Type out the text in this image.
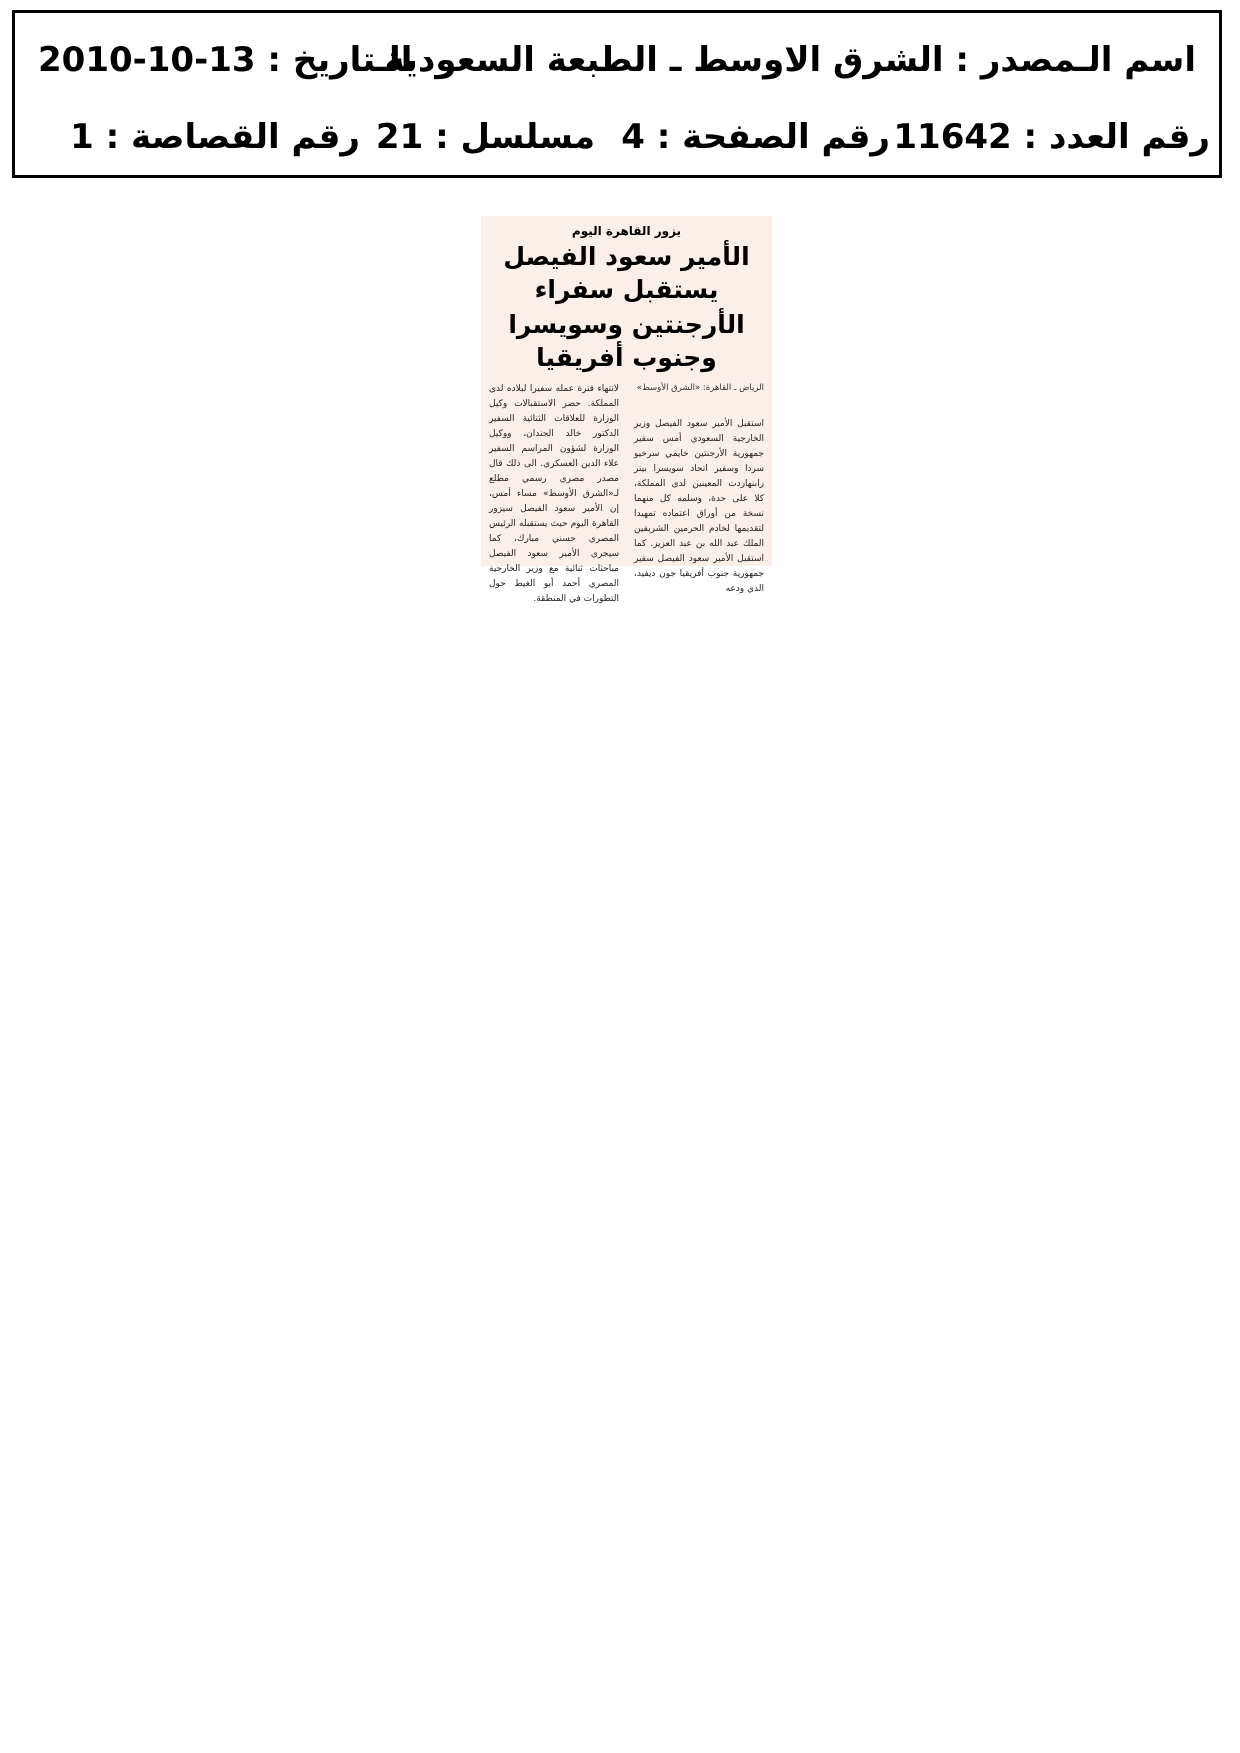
اسم الـمصدر : الشرق الاوسط ـ الطبعة السعودية
الـتاريخ : 13-10-2010
رقم العدد : 11642
رقم الصفحة : 4
مسلسل : 21
رقم القصاصة : 1
يزور القاهرة اليوم
الأمير سعود الفيصل يستقبل سفراء
الأرجنتين وسويسرا وجنوب أفريقيا
الرياض ـ القاهرة: «الشرق الأوسط»
استقبل الأمير سعود الفيصل وزير الخارجية السعودي أمس سفير جمهورية الأرجنتين خايمي سرخيو سردا وسفير اتحاد سويسرا بيتر رابنهاردت المعينين لدى المملكة، كلا على حدة، وسلمه كل منهما نسخة من أوراق اعتماده تمهيدا لتقديمها لخادم الحرمين الشريفين الملك عبد الله بن عبد العزيز. كما استقبل الأمير سعود الفيصل سفير جمهورية جنوب أفريقيا جون ديفيد، الذي ودعه
لانتهاء فترة عمله سفيرا لبلاده لدى المملكة. حضر الاستقبالات وكيل الوزارة للعلاقات الثنائية السفير الدكتور خالد الجندان، ووكيل الوزارة لشؤون المراسم السفير علاء الدين العسكري. الى ذلك قال مصدر مصري رسمي مطلع لـ«الشرق الأوسط» مساء أمس، إن الأمير سعود الفيصل سيزور القاهرة اليوم حيث يستقبله الرئيس المصري حسني مبارك، كما سيجري الأمير سعود الفيصل مباحثات ثنائية مع وزير الخارجية المصري أحمد أبو الغيط حول التطورات في المنطقة.
